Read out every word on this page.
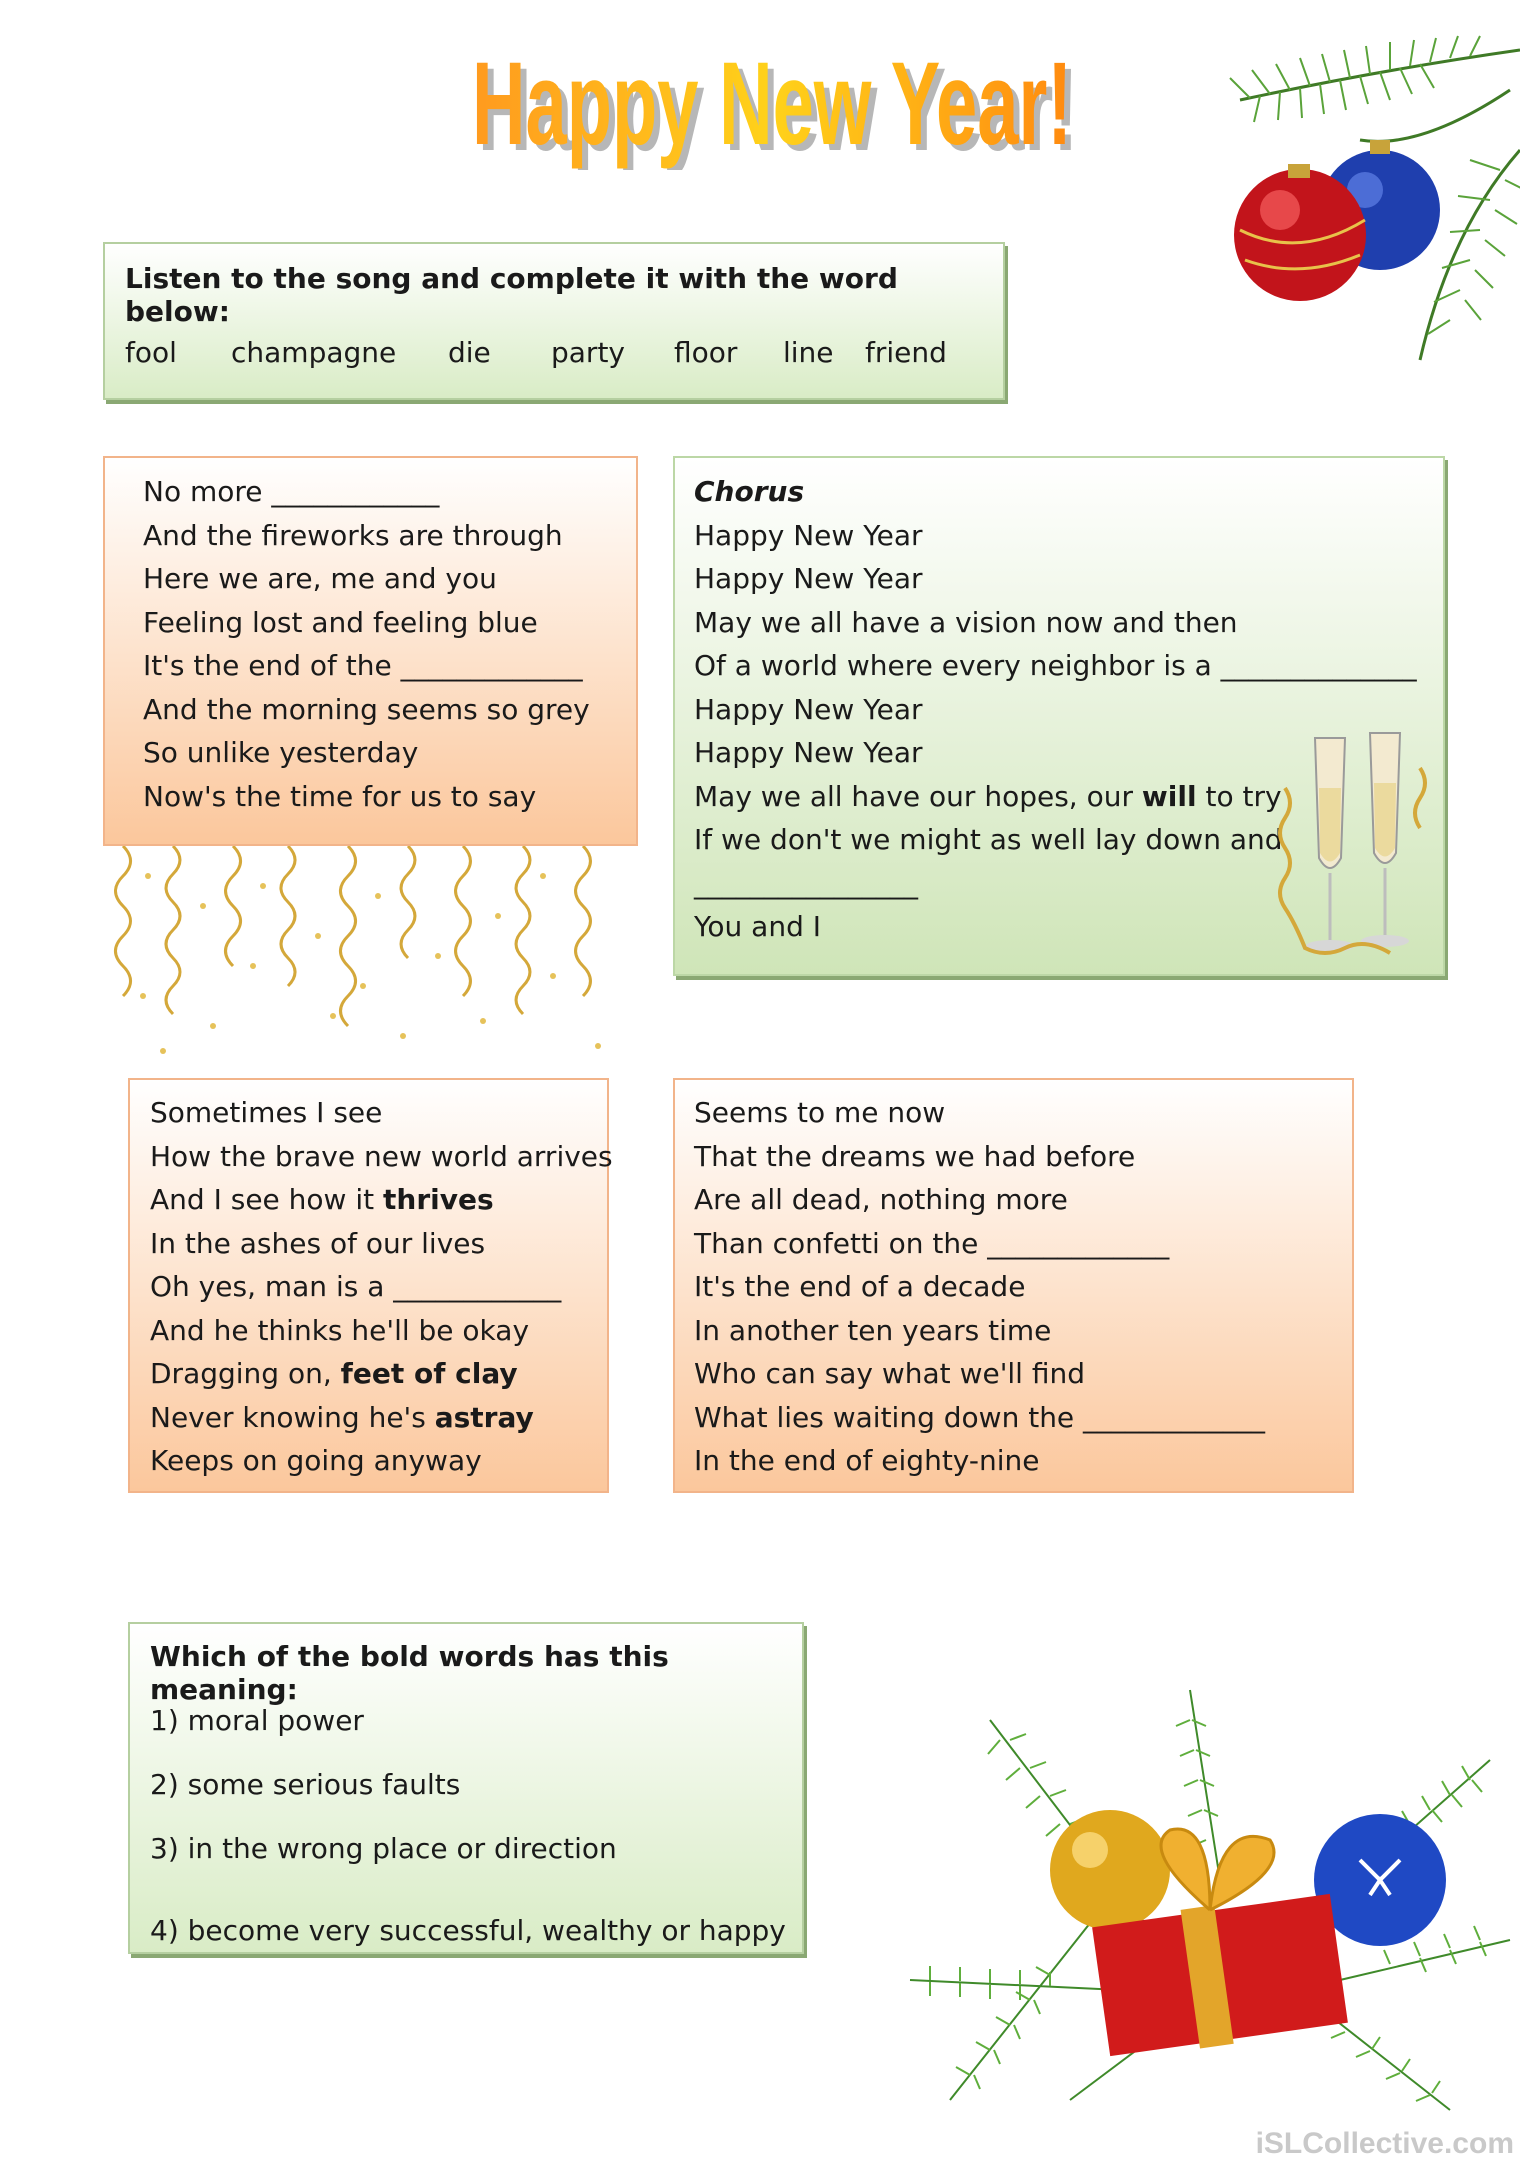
Happy New Year!
Happy New Year!
Listen to the song and complete it with the word below:
fool champagne die party floor line friend
No more ____________
And the fireworks are through
Here we are, me and you
Feeling lost and feeling blue
It's the end of the _____________
And the morning seems so grey
So unlike yesterday
Now's the time for us to say
Chorus
Happy New Year
Happy New Year
May we all have a vision now and then
Of a world where every neighbor is a ______________
Happy New Year
Happy New Year
May we all have our hopes, our will to try
If we don't we might as well lay down and
________________
You and I
Sometimes I see
How the brave new world arrives
And I see how it thrives
In the ashes of our lives
Oh yes, man is a ____________
And he thinks he'll be okay
Dragging on, feet of clay
Never knowing he's astray
Keeps on going anyway
Seems to me now
That the dreams we had before
Are all dead, nothing more
Than confetti on the _____________
It's the end of a decade
In another ten years time
Who can say what we'll find
What lies waiting down the _____________
In the end of eighty-nine
Which of the bold words has this meaning:
1) moral power
2) some serious faults
3) in the wrong place or direction
4) become very successful, wealthy or happy
iSLCollective.com
